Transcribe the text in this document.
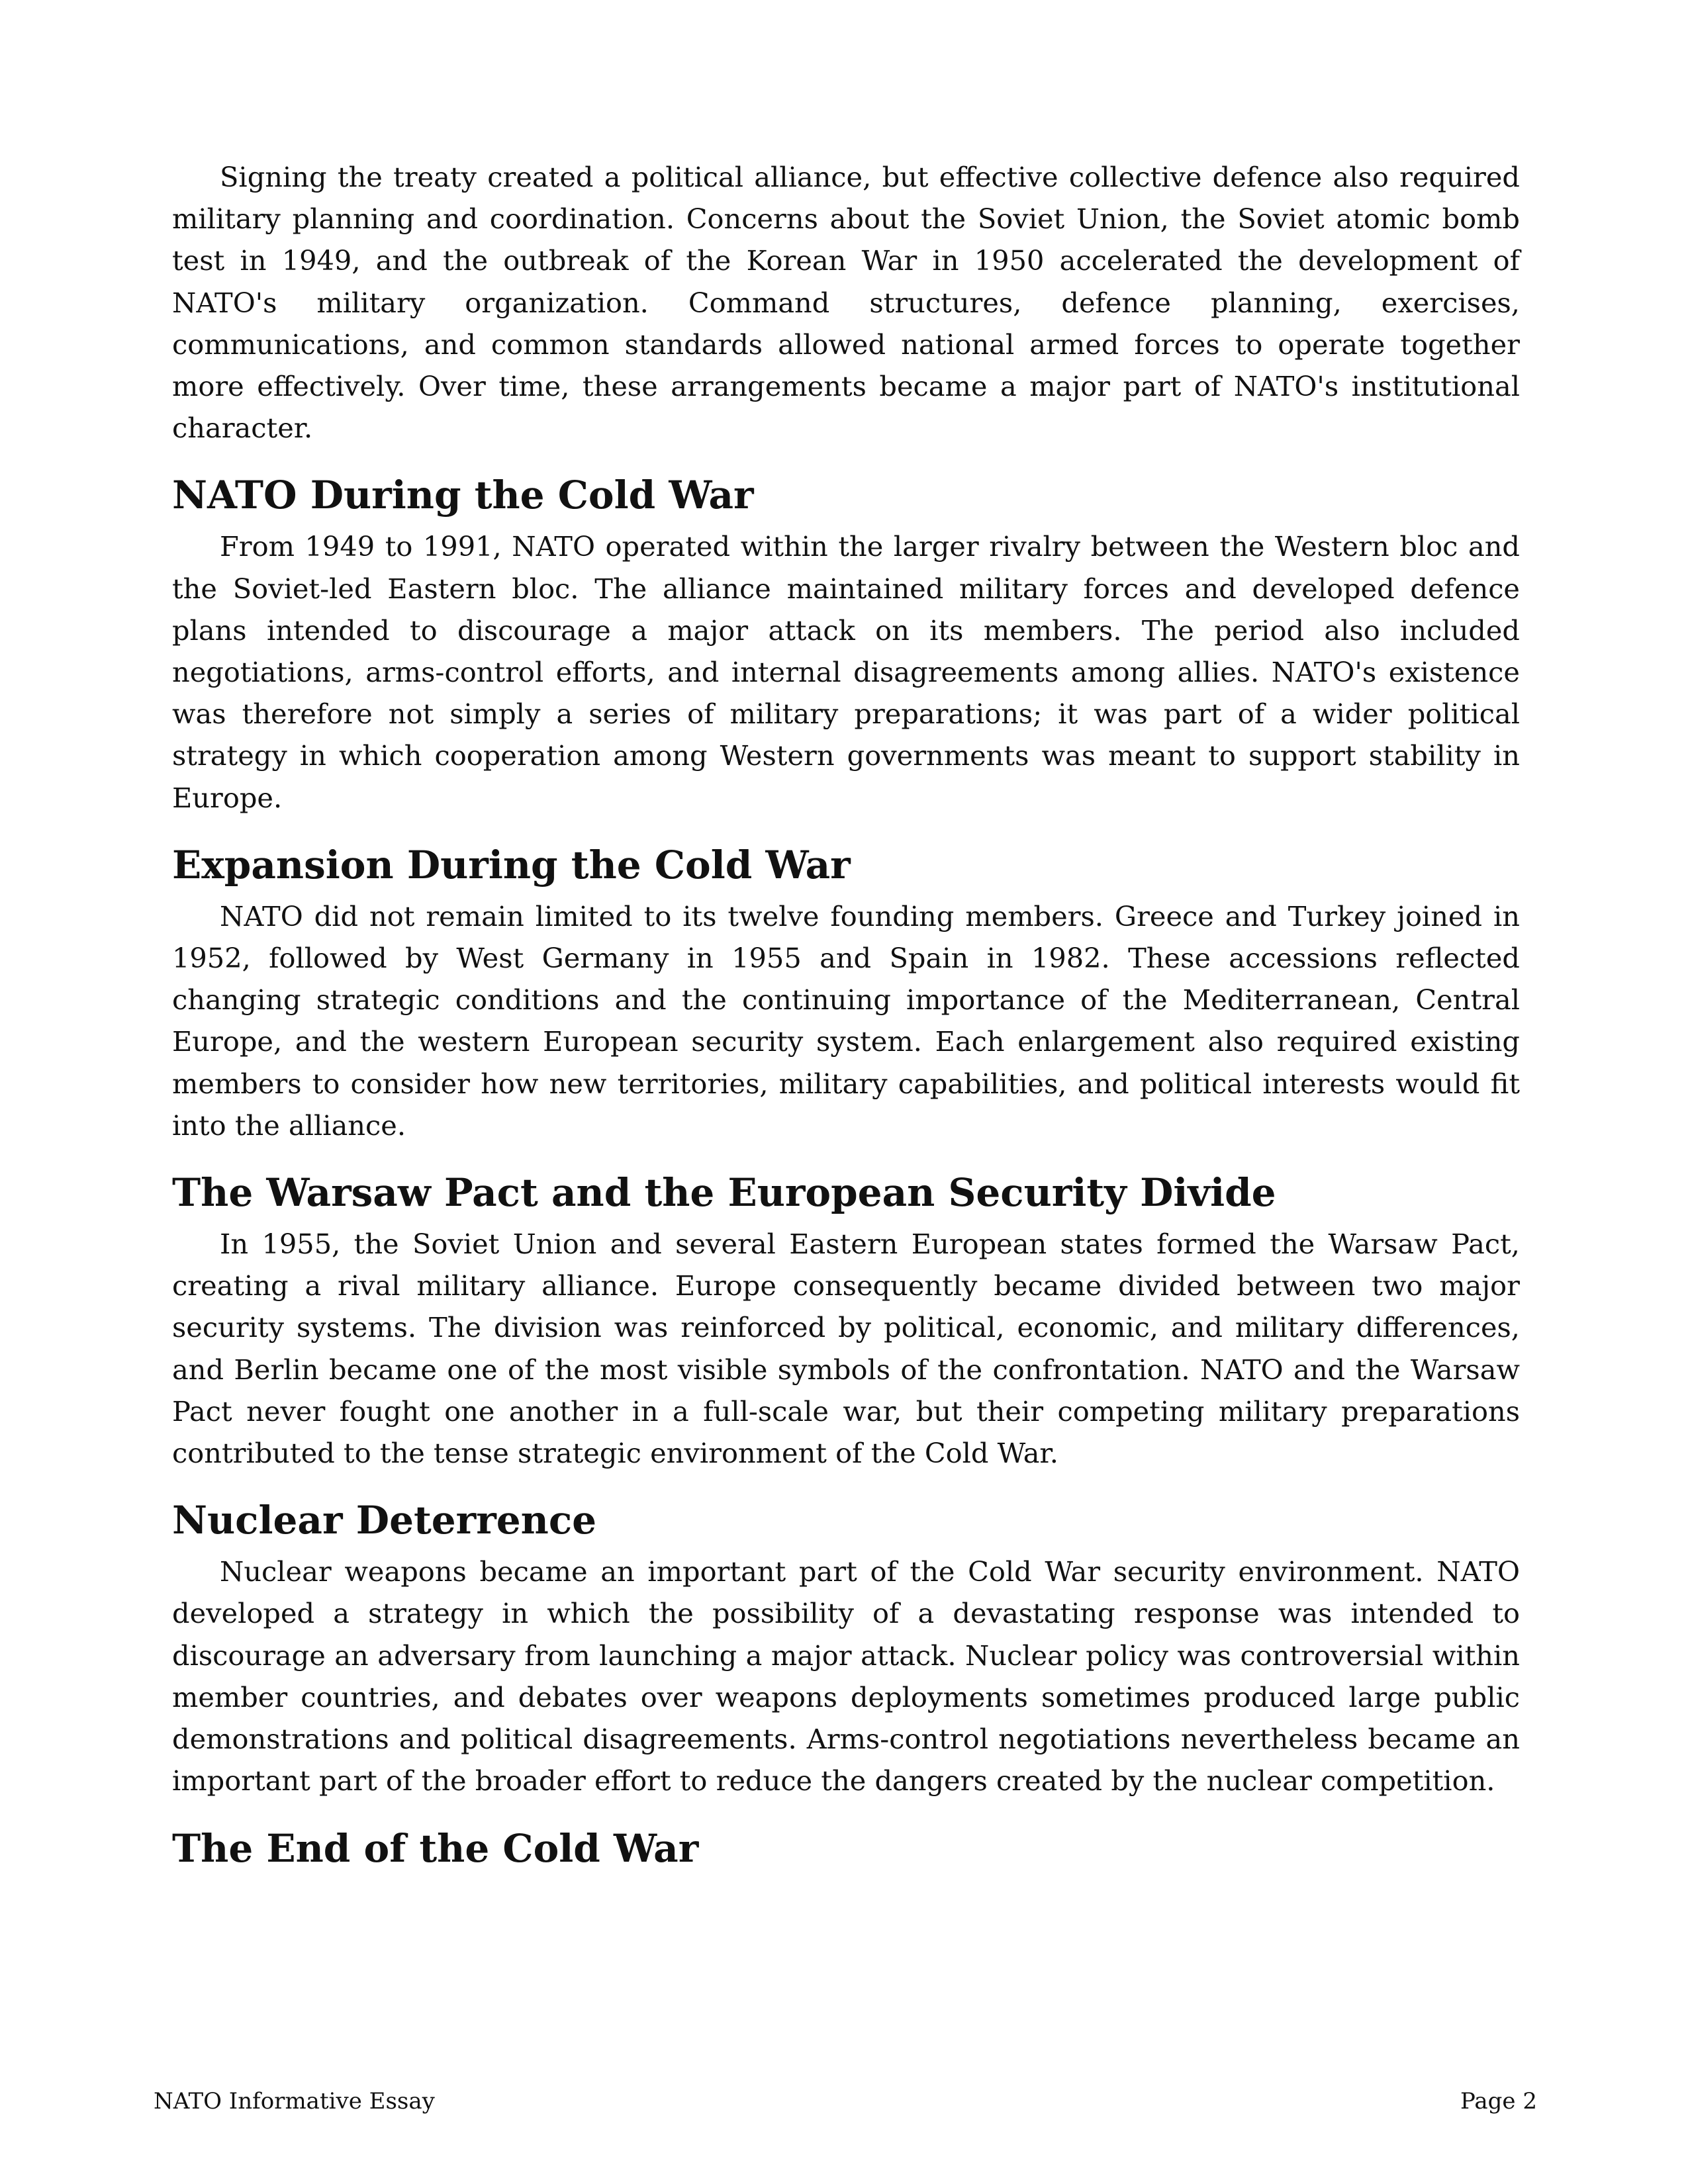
Signing the treaty created a political alliance, but effective collective defence also required military planning and coordination. Concerns about the Soviet Union, the Soviet atomic bomb test in 1949, and the outbreak of the Korean War in 1950 accelerated the development of NATO's military organization. Command structures, defence planning, exercises, communications, and common standards allowed national armed forces to operate together more effectively. Over time, these arrangements became a major part of NATO's institutional character.

NATO During the Cold War

From 1949 to 1991, NATO operated within the larger rivalry between the Western bloc and the Soviet-led Eastern bloc. The alliance maintained military forces and developed defence plans intended to discourage a major attack on its members. The period also included negotiations, arms-control efforts, and internal disagreements among allies. NATO's existence was therefore not simply a series of military preparations; it was part of a wider political strategy in which cooperation among Western governments was meant to support stability in Europe.

Expansion During the Cold War

NATO did not remain limited to its twelve founding members. Greece and Turkey joined in 1952, followed by West Germany in 1955 and Spain in 1982. These accessions reflected changing strategic conditions and the continuing importance of the Mediterranean, Central Europe, and the western European security system. Each enlargement also required existing members to consider how new territories, military capabilities, and political interests would fit into the alliance.

The Warsaw Pact and the European Security Divide

In 1955, the Soviet Union and several Eastern European states formed the Warsaw Pact, creating a rival military alliance. Europe consequently became divided between two major security systems. The division was reinforced by political, economic, and military differences, and Berlin became one of the most visible symbols of the confrontation. NATO and the Warsaw Pact never fought one another in a full-scale war, but their competing military preparations contributed to the tense strategic environment of the Cold War.

Nuclear Deterrence

Nuclear weapons became an important part of the Cold War security environment. NATO developed a strategy in which the possibility of a devastating response was intended to discourage an adversary from launching a major attack. Nuclear policy was controversial within member countries, and debates over weapons deployments sometimes produced large public demonstrations and political disagreements. Arms-control negotiations nevertheless became an important part of the broader effort to reduce the dangers created by the nuclear competition.

The End of the Cold War
NATO Informative Essay	Page 2
